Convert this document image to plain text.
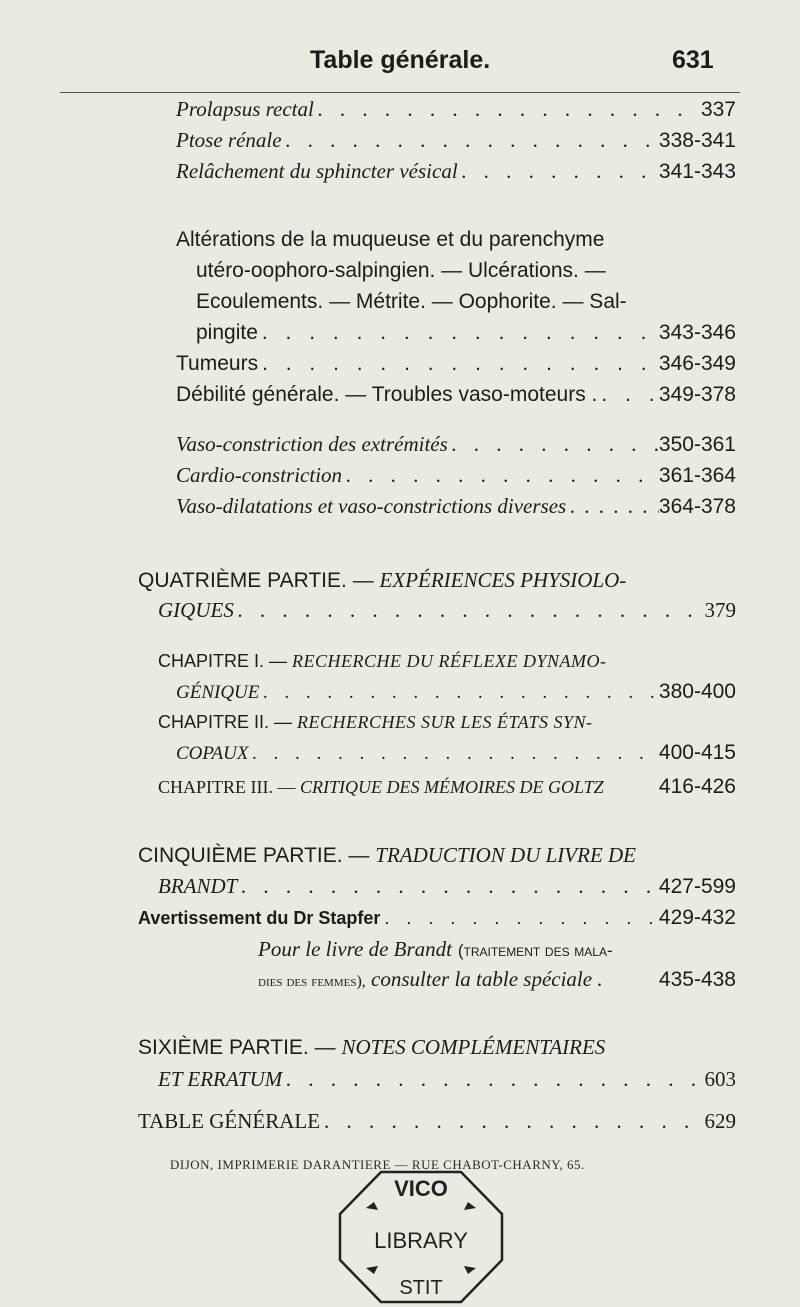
Table générale.	631
Prolapsus rectal . . .	337
Ptose rénale . . .	338-341
Relâchement du sphincter vésical . . .	341-343
Altérations de la muqueuse et du parenchyme
utéro-oophoro-salpingien. — Ulcérations. —
Ecoulements. — Métrite. — Oophorite. — Sal-
pingite . . .	343-346
Tumeurs . . .	346-349
Débilité générale. — Troubles vaso-moteurs . . . .	349-378
Vaso-constriction des extrémités . . .	350-361
Cardio-constriction . . .	361-364
Vaso-dilatations et vaso-constrictions diverses . . .	364-378
QUATRIÈME PARTIE. — EXPÉRIENCES PHYSIOLO-
GIQUES . . .	379
CHAPITRE I. — RECHERCHE DU RÉFLEXE DYNAMO-
GÉNIQUE . . .	380-400
CHAPITRE II. — RECHERCHES SUR LES ÉTATS SYN-
COPAUX . . .	400-415
CHAPITRE III. —
CRITIQUE DES MÉMOIRES DE GOLTZ	416-426
CINQUIÈME PARTIE. — TRADUCTION DU LIVRE DE
BRANDT . . .	427-599
Avertissement du Dr Stapfer . . .	429-432
Pour le livre de Brandt (traitement des mala-
dies des femmes),
consulter la table spéciale .	435-438
SIXIÈME PARTIE. — NOTES COMPLÉMENTAIRES
ET ERRATUM . . .	603
TABLE GÉNÉRALE . . .	629
DIJON, IMPRIMERIE DARANTIERE — RUE CHABOT-CHARNY, 65.
VICO
LIBRARY
STIT
